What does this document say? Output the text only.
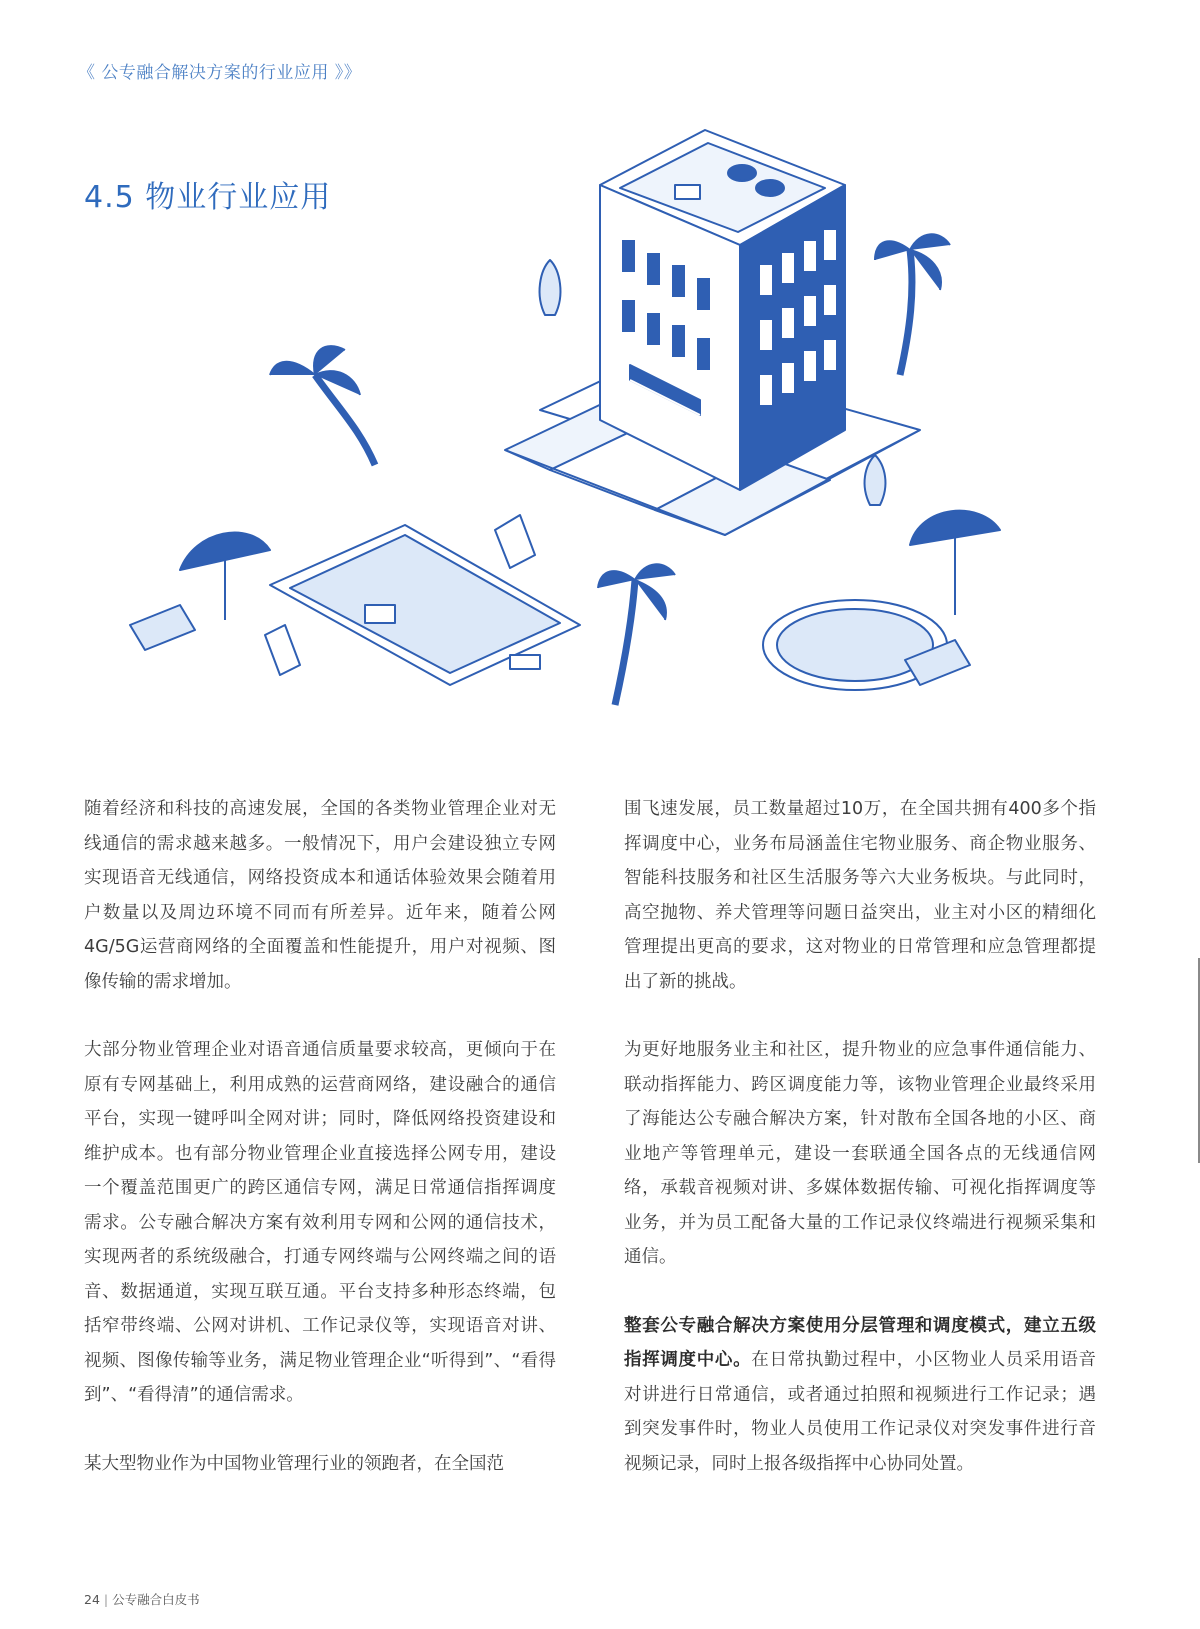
《 公专融合解决方案的行业应用 》》
4.5 物业行业应用

随着经济和科技的高速发展，全国的各类物业管理企业对无线通信的需求越来越多。一般情况下，用户会建设独立专网实现语音无线通信，网络投资成本和通话体验效果会随着用户数量以及周边环境不同而有所差异。近年来，随着公网4G/5G运营商网络的全面覆盖和性能提升，用户对视频、图像传输的需求增加。

大部分物业管理企业对语音通信质量要求较高，更倾向于在原有专网基础上，利用成熟的运营商网络，建设融合的通信平台，实现一键呼叫全网对讲；同时，降低网络投资建设和维护成本。也有部分物业管理企业直接选择公网专用，建设一个覆盖范围更广的跨区通信专网，满足日常通信指挥调度需求。公专融合解决方案有效利用专网和公网的通信技术，实现两者的系统级融合，打通专网终端与公网终端之间的语音、数据通道，实现互联互通。平台支持多种形态终端，包括窄带终端、公网对讲机、工作记录仪等，实现语音对讲、视频、图像传输等业务，满足物业管理企业“听得到”、“看得到”、“看得清”的通信需求。

某大型物业作为中国物业管理行业的领跑者，在全国范

围飞速发展，员工数量超过10万，在全国共拥有400多个指挥调度中心，业务布局涵盖住宅物业服务、商企物业服务、智能科技服务和社区生活服务等六大业务板块。与此同时，高空抛物、养犬管理等问题日益突出，业主对小区的精细化管理提出更高的要求，这对物业的日常管理和应急管理都提出了新的挑战。

为更好地服务业主和社区，提升物业的应急事件通信能力、联动指挥能力、跨区调度能力等，该物业管理企业最终采用了海能达公专融合解决方案，针对散布全国各地的小区、商业地产等管理单元，建设一套联通全国各点的无线通信网络，承载音视频对讲、多媒体数据传输、可视化指挥调度等业务，并为员工配备大量的工作记录仪终端进行视频采集和通信。

整套公专融合解决方案使用分层管理和调度模式，建立五级指挥调度中心。在日常执勤过程中，小区物业人员采用语音对讲进行日常通信，或者通过拍照和视频进行工作记录；遇到突发事件时，物业人员使用工作记录仪对突发事件进行音视频记录，同时上报各级指挥中心协同处置。

24 | 公专融合白皮书
